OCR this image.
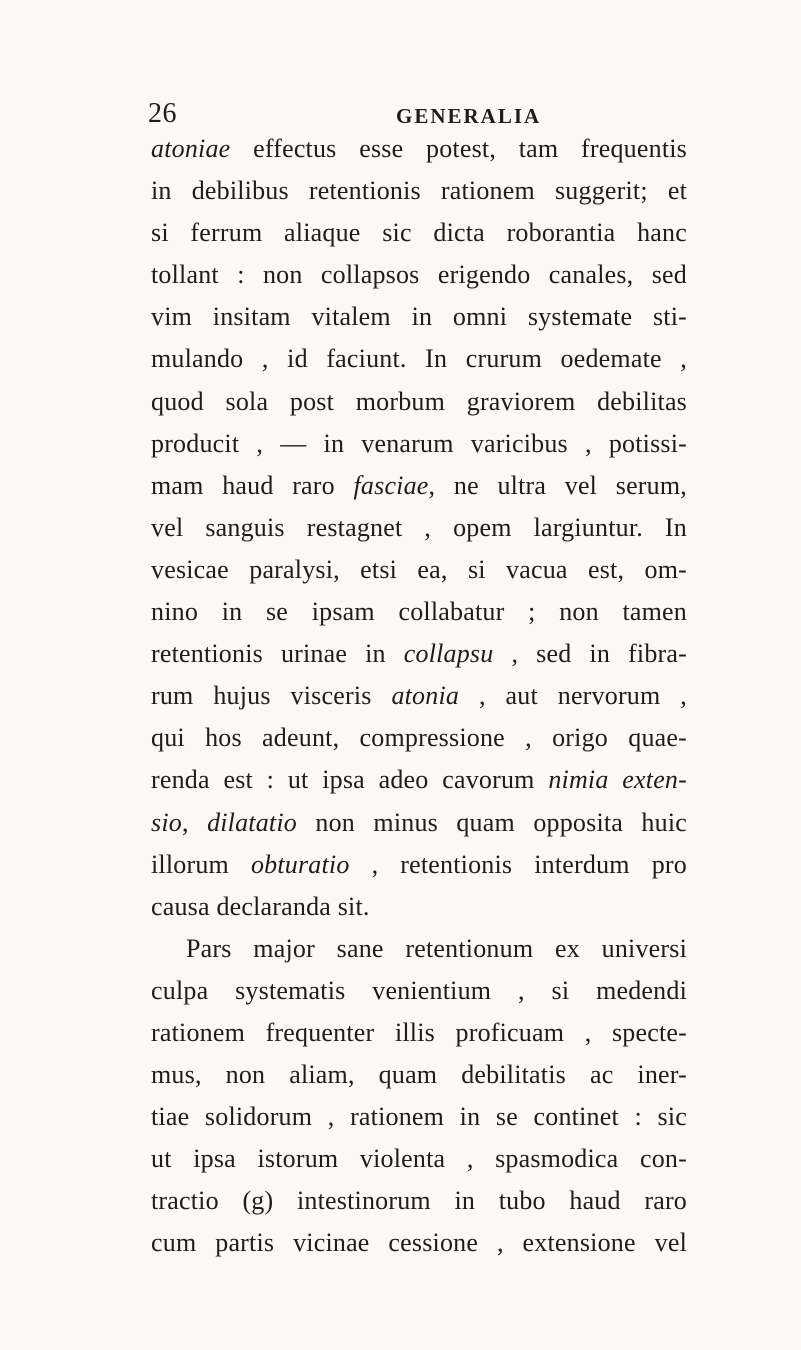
26	GENERALIA
atoniae effectus esse potest, tam frequentis
in debilibus retentionis rationem suggerit; et
si ferrum aliaque sic dicta roborantia hanc
tollant : non collapsos erigendo canales, sed
vim insitam vitalem in omni systemate sti-
mulando , id faciunt. In crurum oedemate ,
quod sola post morbum graviorem debilitas
producit , — in venarum varicibus , potissi-
mam haud raro fasciae, ne ultra vel serum,
vel sanguis restagnet , opem largiuntur. In
vesicae paralysi, etsi ea, si vacua est, om-
nino in se ipsam collabatur ; non tamen
retentionis urinae in collapsu , sed in fibra-
rum hujus visceris atonia , aut nervorum ,
qui hos adeunt, compressione , origo quae-
renda est : ut ipsa adeo cavorum nimia exten-
sio, dilatatio non minus quam opposita huic
illorum obturatio , retentionis interdum pro
causa declaranda sit.
Pars major sane retentionum ex universi
culpa systematis venientium , si medendi
rationem frequenter illis proficuam , specte-
mus, non aliam, quam debilitatis ac iner-
tiae solidorum , rationem in se continet : sic
ut ipsa istorum violenta , spasmodica con-
tractio (g) intestinorum in tubo haud raro
cum partis vicinae cessione , extensione vel
